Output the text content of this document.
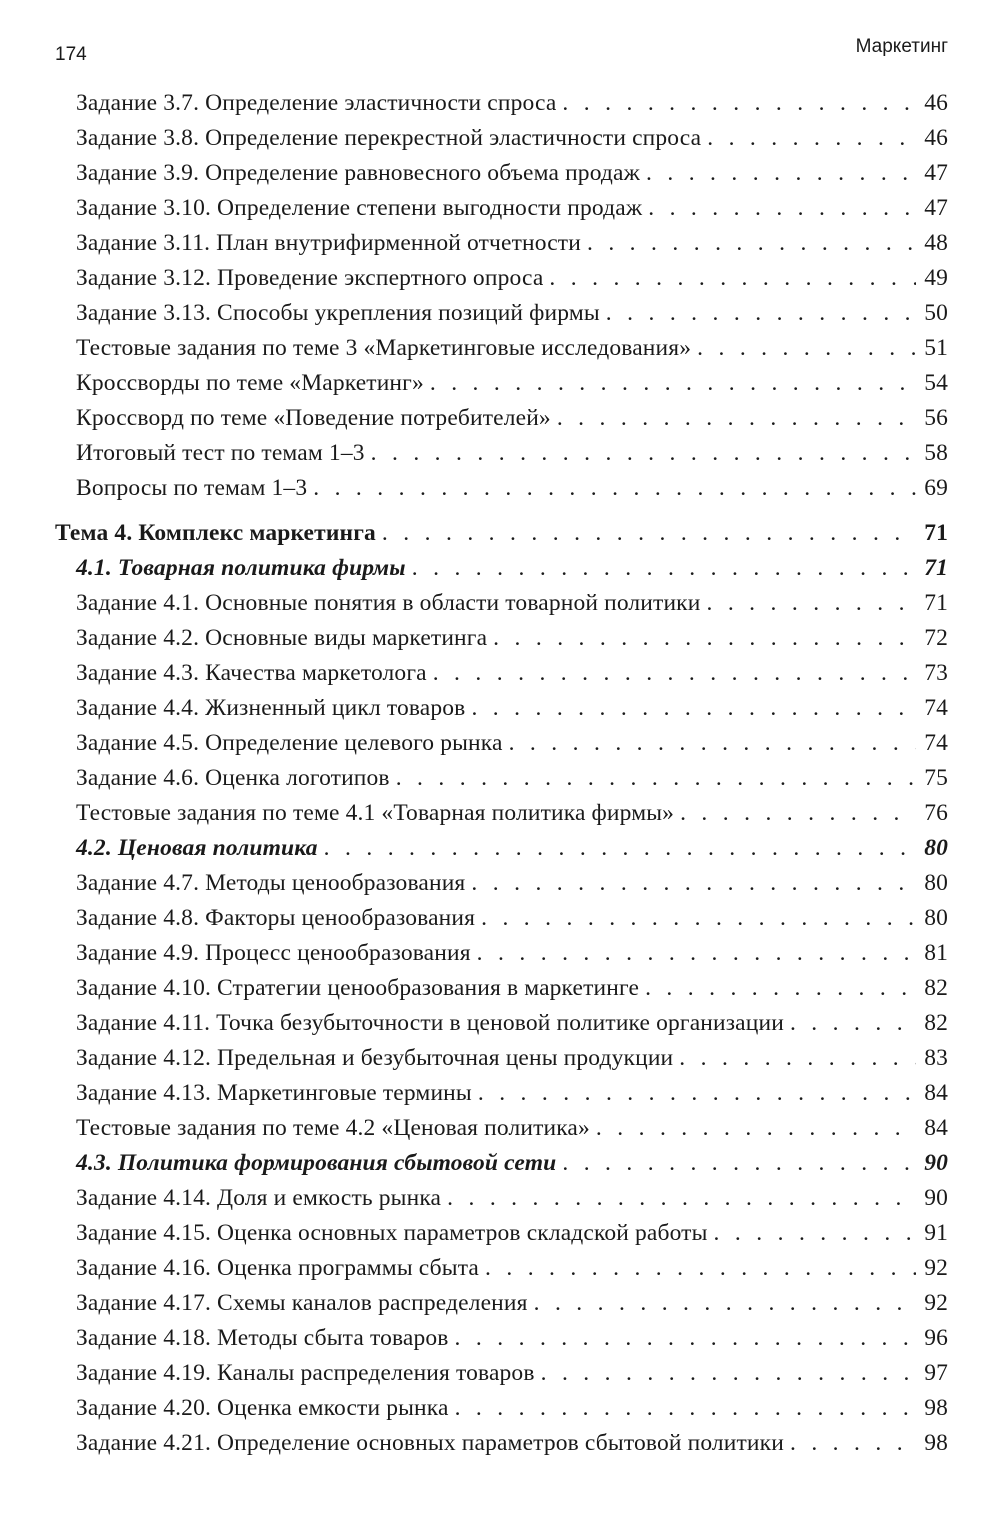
174	Маркетинг
Задание 3.7. Определение эластичности спроса . . .	46
Задание 3.8. Определение перекрестной эластичности спроса . . .	46
Задание 3.9. Определение равновесного объема продаж . . .	47
Задание 3.10. Определение степени выгодности продаж . . .	47
Задание 3.11. План внутрифирменной отчетности . . .	48
Задание 3.12. Проведение экспертного опроса . . .	49
Задание 3.13. Способы укрепления позиций фирмы . . .	50
Тестовые задания по теме 3 «Маркетинговые исследования» . . .	51
Кроссворды по теме «Маркетинг» . . .	54
Кроссворд по теме «Поведение потребителей» . . .	56
Итоговый тест по темам 1–3 . . .	58
Вопросы по темам 1–3 . . .	69
Тема 4. Комплекс маркетинга . . .	71
4.1. Товарная политика фирмы . . .	71
Задание 4.1. Основные понятия в области товарной политики . . .	71
Задание 4.2. Основные виды маркетинга . . .	72
Задание 4.3. Качества маркетолога . . .	73
Задание 4.4. Жизненный цикл товаров . . .	74
Задание 4.5. Определение целевого рынка . . .	74
Задание 4.6. Оценка логотипов . . .	75
Тестовые задания по теме 4.1 «Товарная политика фирмы» . . .	76
4.2. Ценовая политика . . .	80
Задание 4.7. Методы ценообразования . . .	80
Задание 4.8. Факторы ценообразования . . .	80
Задание 4.9. Процесс ценообразования . . .	81
Задание 4.10. Стратегии ценообразования в маркетинге . . .	82
Задание 4.11. Точка безубыточности в ценовой политике организации . . .	82
Задание 4.12. Предельная и безубыточная цены продукции . . .	83
Задание 4.13. Маркетинговые термины . . .	84
Тестовые задания по теме 4.2 «Ценовая политика» . . .	84
4.3. Политика формирования сбытовой сети . . .	90
Задание 4.14. Доля и емкость рынка . . .	90
Задание 4.15. Оценка основных параметров складской работы . . .	91
Задание 4.16. Оценка программы сбыта . . .	92
Задание 4.17. Схемы каналов распределения . . .	92
Задание 4.18. Методы сбыта товаров . . .	96
Задание 4.19. Каналы распределения товаров . . .	97
Задание 4.20. Оценка емкости рынка . . .	98
Задание 4.21. Определение основных параметров сбытовой политики . . .	98
